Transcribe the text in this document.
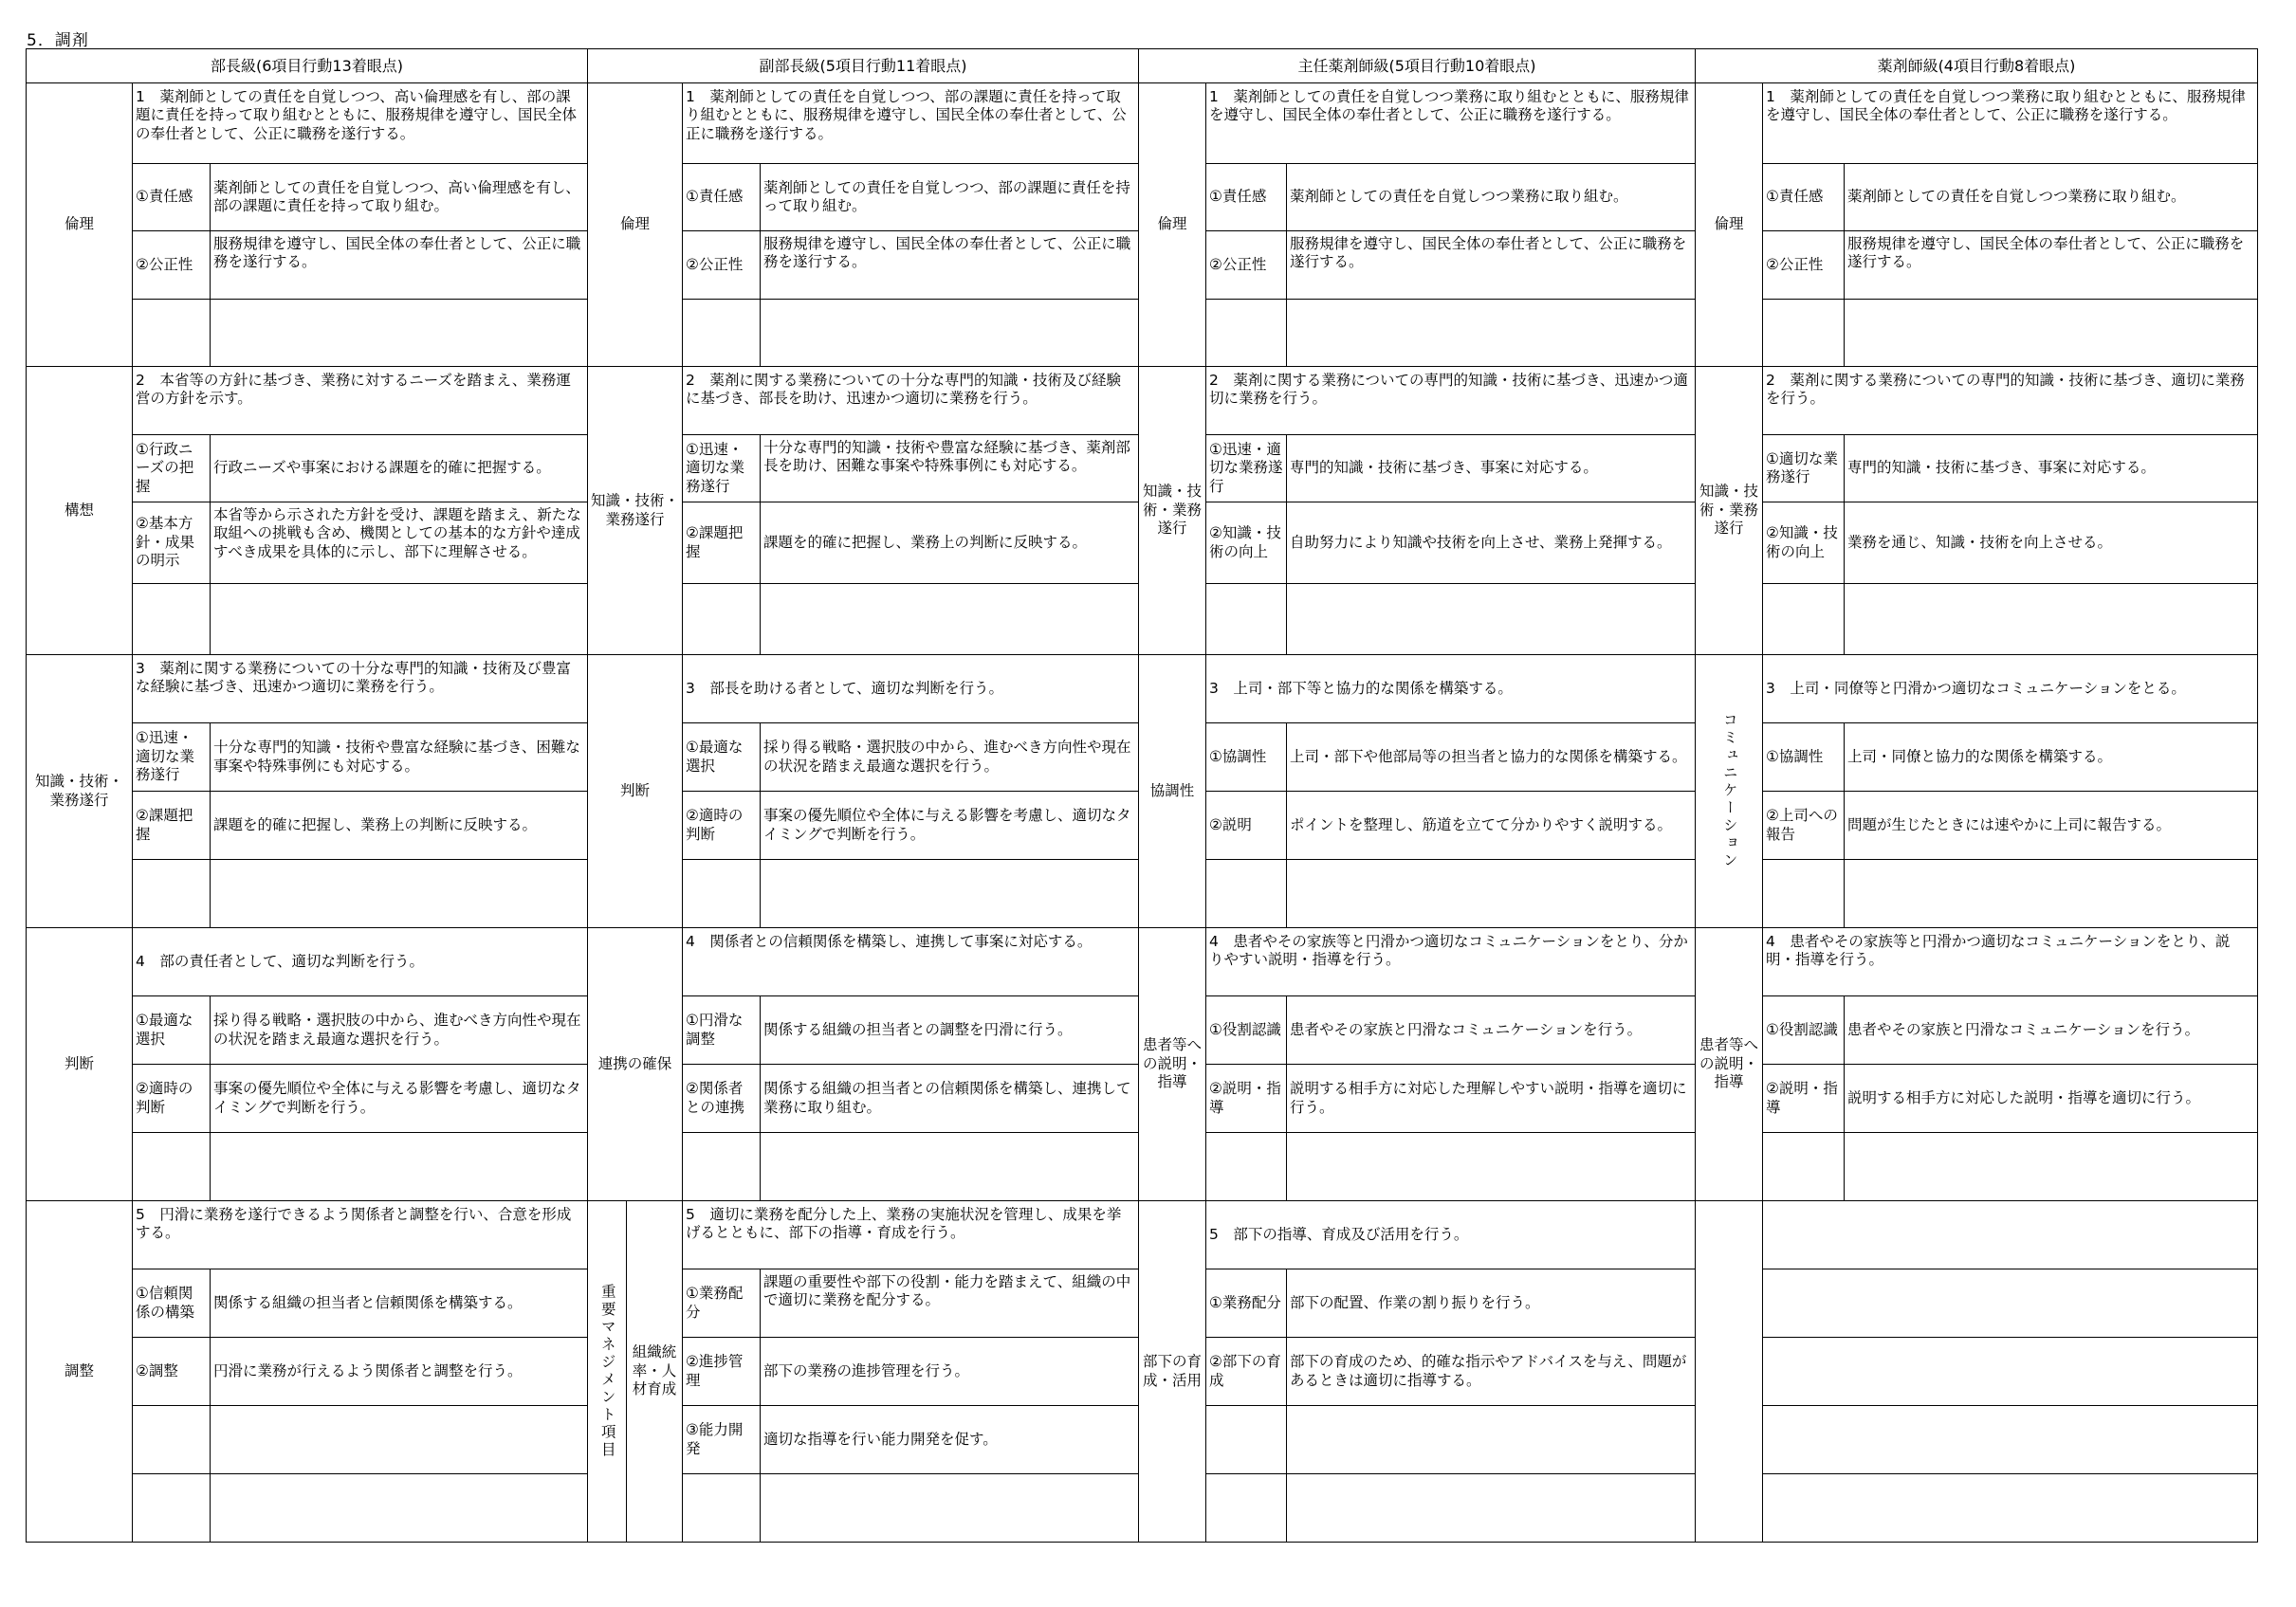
5．調剤
部長級(6項目行動13着眼点)			副部長級(5項目行動11着眼点)				主任薬剤師級(5項目行動10着眼点)			薬剤師級(4項目行動8着眼点)		
倫理	1　薬剤師としての責任を自覚しつつ、高い倫理感を有し、部の課題に責任を持って取り組むとともに、服務規律を遵守し、国民全体の奉仕者として、公正に職務を遂行する。		倫理		1　薬剤師としての責任を自覚しつつ、部の課題に責任を持って取り組むとともに、服務規律を遵守し、国民全体の奉仕者として、公正に職務を遂行する。		倫理	1　薬剤師としての責任を自覚しつつ業務に取り組むとともに、服務規律を遵守し、国民全体の奉仕者として、公正に職務を遂行する。		倫理	1　薬剤師としての責任を自覚しつつ業務に取り組むとともに、服務規律を遵守し、国民全体の奉仕者として、公正に職務を遂行する。	
	①責任感	薬剤師としての責任を自覚しつつ、高い倫理感を有し、部の課題に責任を持って取り組む。			①責任感	薬剤師としての責任を自覚しつつ、部の課題に責任を持って取り組む。		①責任感	薬剤師としての責任を自覚しつつ業務に取り組む。		①責任感	薬剤師としての責任を自覚しつつ業務に取り組む。
	②公正性	服務規律を遵守し、国民全体の奉仕者として、公正に職務を遂行する。			②公正性	服務規律を遵守し、国民全体の奉仕者として、公正に職務を遂行する。		②公正性	服務規律を遵守し、国民全体の奉仕者として、公正に職務を遂行する。		②公正性	服務規律を遵守し、国民全体の奉仕者として、公正に職務を遂行する。

構想	2　本省等の方針に基づき、業務に対するニーズを踏まえ、業務運営の方針を示す。		知識・技術・業務遂行		2　薬剤に関する業務についての十分な専門的知識・技術及び経験に基づき、部長を助け、迅速かつ適切に業務を行う。		知識・技術・業務遂行	2　薬剤に関する業務についての専門的知識・技術に基づき、迅速かつ適切に業務を行う。		知識・技術・業務遂行	2　薬剤に関する業務についての専門的知識・技術に基づき、適切に業務を行う。	
	①行政ニーズの把握	行政ニーズや事案における課題を的確に把握する。			①迅速・適切な業務遂行	十分な専門的知識・技術や豊富な経験に基づき、薬剤部長を助け、困難な事案や特殊事例にも対応する。		①迅速・適切な業務遂行	専門的知識・技術に基づき、事案に対応する。		①適切な業務遂行	専門的知識・技術に基づき、事案に対応する。
	②基本方針・成果の明示	本省等から示された方針を受け、課題を踏まえ、新たな取組への挑戦も含め、機関としての基本的な方針や達成すべき成果を具体的に示し、部下に理解させる。			②課題把握	課題を的確に把握し、業務上の判断に反映する。		②知識・技術の向上	自助努力により知識や技術を向上させ、業務上発揮する。		②知識・技術の向上	業務を通じ、知識・技術を向上させる。

知識・技術・業務遂行	3　薬剤に関する業務についての十分な専門的知識・技術及び豊富な経験に基づき、迅速かつ適切に業務を行う。		判断		3　部長を助ける者として、適切な判断を行う。		協調性	3　上司・部下等と協力的な関係を構築する。		コミュニケーション	3　上司・同僚等と円滑かつ適切なコミュニケーションをとる。	
	①迅速・適切な業務遂行	十分な専門的知識・技術や豊富な経験に基づき、困難な事案や特殊事例にも対応する。			①最適な選択	採り得る戦略・選択肢の中から、進むべき方向性や現在の状況を踏まえ最適な選択を行う。		①協調性	上司・部下や他部局等の担当者と協力的な関係を構築する。		①協調性	上司・同僚と協力的な関係を構築する。
	②課題把握	課題を的確に把握し、業務上の判断に反映する。			②適時の判断	事案の優先順位や全体に与える影響を考慮し、適切なタイミングで判断を行う。		②説明	ポイントを整理し、筋道を立てて分かりやすく説明する。		②上司への報告	問題が生じたときには速やかに上司に報告する。

判断	4　部の責任者として、適切な判断を行う。		連携の確保		4　関係者との信頼関係を構築し、連携して事案に対応する。		患者等への説明・指導	4　患者やその家族等と円滑かつ適切なコミュニケーションをとり、分かりやすい説明・指導を行う。		患者等への説明・指導	4　患者やその家族等と円滑かつ適切なコミュニケーションをとり、説明・指導を行う。	
	①最適な選択	採り得る戦略・選択肢の中から、進むべき方向性や現在の状況を踏まえ最適な選択を行う。			①円滑な調整	関係する組織の担当者との調整を円滑に行う。		①役割認識	患者やその家族と円滑なコミュニケーションを行う。		①役割認識	患者やその家族と円滑なコミュニケーションを行う。
	②適時の判断	事案の優先順位や全体に与える影響を考慮し、適切なタイミングで判断を行う。			②関係者との連携	関係する組織の担当者との信頼関係を構築し、連携して業務に取り組む。		②説明・指導	説明する相手方に対応した理解しやすい説明・指導を適切に行う。		②説明・指導	説明する相手方に対応した説明・指導を適切に行う。

調整	5　円滑に業務を遂行できるよう関係者と調整を行い、合意を形成する。		重要マネジメント項目	組織統率・人材育成	5　適切に業務を配分した上、業務の実施状況を管理し、成果を挙げるとともに、部下の指導・育成を行う。		部下の育成・活用	5　部下の指導、育成及び活用を行う。				
	①信頼関係の構築	関係する組織の担当者と信頼関係を構築する。			①業務配分	課題の重要性や部下の役割・能力を踏まえて、組織の中で適切に業務を配分する。		①業務配分	部下の配置、作業の割り振りを行う。			
	②調整	円滑に業務が行えるよう関係者と調整を行う。			②進捗管理	部下の業務の進捗管理を行う。		②部下の育成	部下の育成のため、的確な指示やアドバイスを与え、問題があるときは適切に指導する。			
					③能力開発	適切な指導を行い能力開発を促す。						
